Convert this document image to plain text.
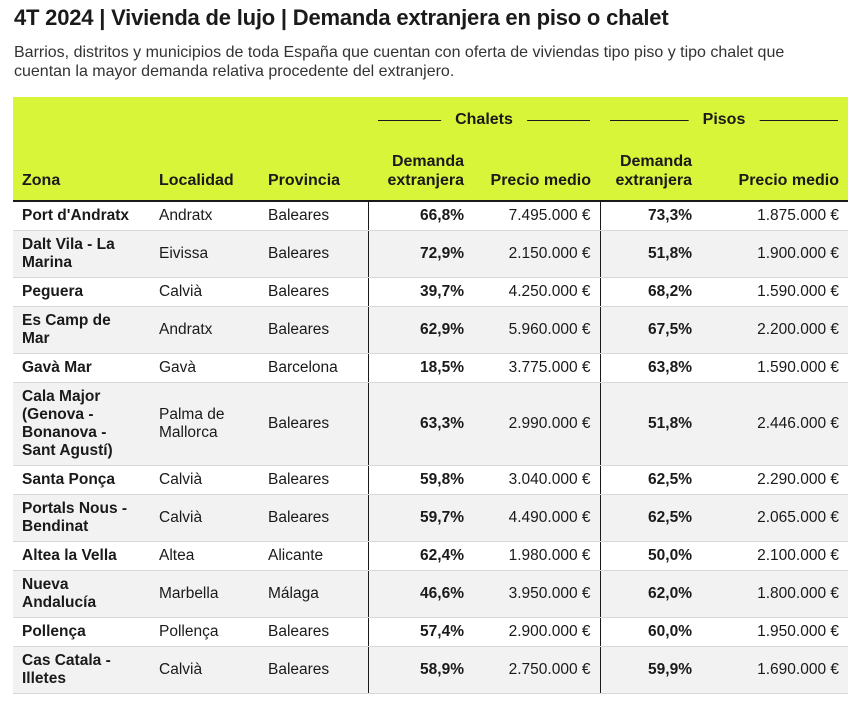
4T 2024 | Vivienda de lujo | Demanda extranjera en piso o chalet
Barrios, distritos y municipios de toda España que cuentan con oferta de viviendas tipo piso y tipo chalet que cuentan la mayor demanda relativa procedente del extranjero.

			Chalets		Pisos	

Zona	Localidad	Provincia	Demanda extranjera	Precio medio	Demanda extranjera	Precio medio
Port d'Andratx	Andratx	Baleares	66,8%	7.495.000 €	73,3%	1.875.000 €
Dalt Vila - La Marina	Eivissa	Baleares	72,9%	2.150.000 €	51,8%	1.900.000 €
Peguera	Calvià	Baleares	39,7%	4.250.000 €	68,2%	1.590.000 €
Es Camp de Mar	Andratx	Baleares	62,9%	5.960.000 €	67,5%	2.200.000 €
Gavà Mar	Gavà	Barcelona	18,5%	3.775.000 €	63,8%	1.590.000 €
Cala Major (Genova - Bonanova - Sant Agustí)	Palma de Mallorca	Baleares	63,3%	2.990.000 €	51,8%	2.446.000 €
Santa Ponça	Calvià	Baleares	59,8%	3.040.000 €	62,5%	2.290.000 €
Portals Nous - Bendinat	Calvià	Baleares	59,7%	4.490.000 €	62,5%	2.065.000 €
Altea la Vella	Altea	Alicante	62,4%	1.980.000 €	50,0%	2.100.000 €
Nueva Andalucía	Marbella	Málaga	46,6%	3.950.000 €	62,0%	1.800.000 €
Pollença	Pollença	Baleares	57,4%	2.900.000 €	60,0%	1.950.000 €
Cas Catala - Illetes	Calvià	Baleares	58,9%	2.750.000 €	59,9%	1.690.000 €
